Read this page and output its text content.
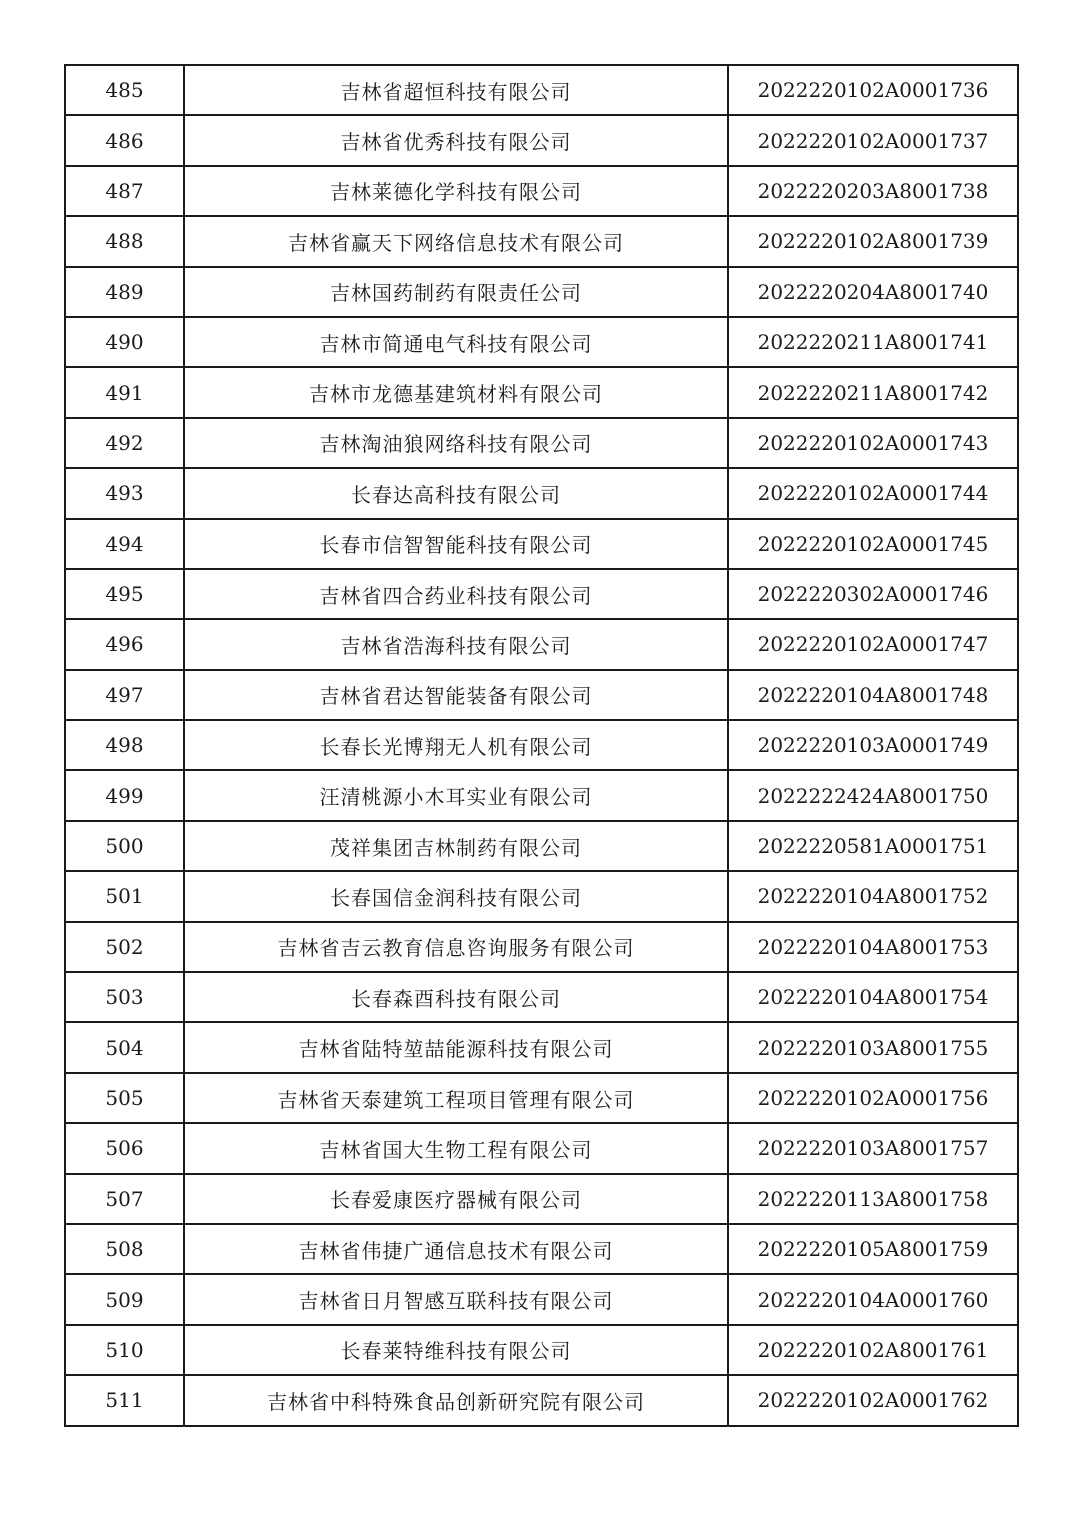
485	吉林省超恒科技有限公司	2022220102A0001736
486	吉林省优秀科技有限公司	2022220102A0001737
487	吉林莱德化学科技有限公司	2022220203A8001738
488	吉林省赢天下网络信息技术有限公司	2022220102A8001739
489	吉林国药制药有限责任公司	2022220204A8001740
490	吉林市简通电气科技有限公司	2022220211A8001741
491	吉林市龙德基建筑材料有限公司	2022220211A8001742
492	吉林淘油狼网络科技有限公司	2022220102A0001743
493	长春达高科技有限公司	2022220102A0001744
494	长春市信智智能科技有限公司	2022220102A0001745
495	吉林省四合药业科技有限公司	2022220302A0001746
496	吉林省浩海科技有限公司	2022220102A0001747
497	吉林省君达智能装备有限公司	2022220104A8001748
498	长春长光博翔无人机有限公司	2022220103A0001749
499	汪清桃源小木耳实业有限公司	2022222424A8001750
500	茂祥集团吉林制药有限公司	2022220581A0001751
501	长春国信金润科技有限公司	2022220104A8001752
502	吉林省吉云教育信息咨询服务有限公司	2022220104A8001753
503	长春森酉科技有限公司	2022220104A8001754
504	吉林省陆特堃喆能源科技有限公司	2022220103A8001755
505	吉林省天泰建筑工程项目管理有限公司	2022220102A0001756
506	吉林省国大生物工程有限公司	2022220103A8001757
507	长春爱康医疗器械有限公司	2022220113A8001758
508	吉林省伟捷广通信息技术有限公司	2022220105A8001759
509	吉林省日月智感互联科技有限公司	2022220104A0001760
510	长春莱特维科技有限公司	2022220102A8001761
511	吉林省中科特殊食品创新研究院有限公司	2022220102A0001762
